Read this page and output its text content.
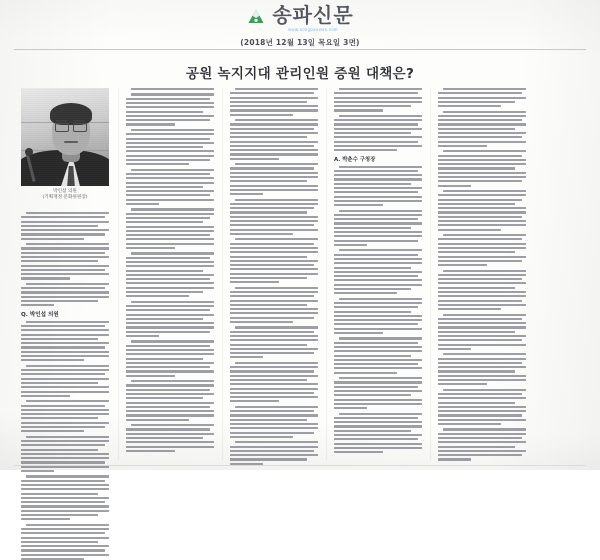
송파신문
www.songpanews.com
(2018년 12월 13일 목요일 3면)
공원 녹지지대 관리인원 증원 대책은?
박인섭 의원
(기획재정 문화위원장)
Q. 박인섭 의원
A. 박춘수 구청장
